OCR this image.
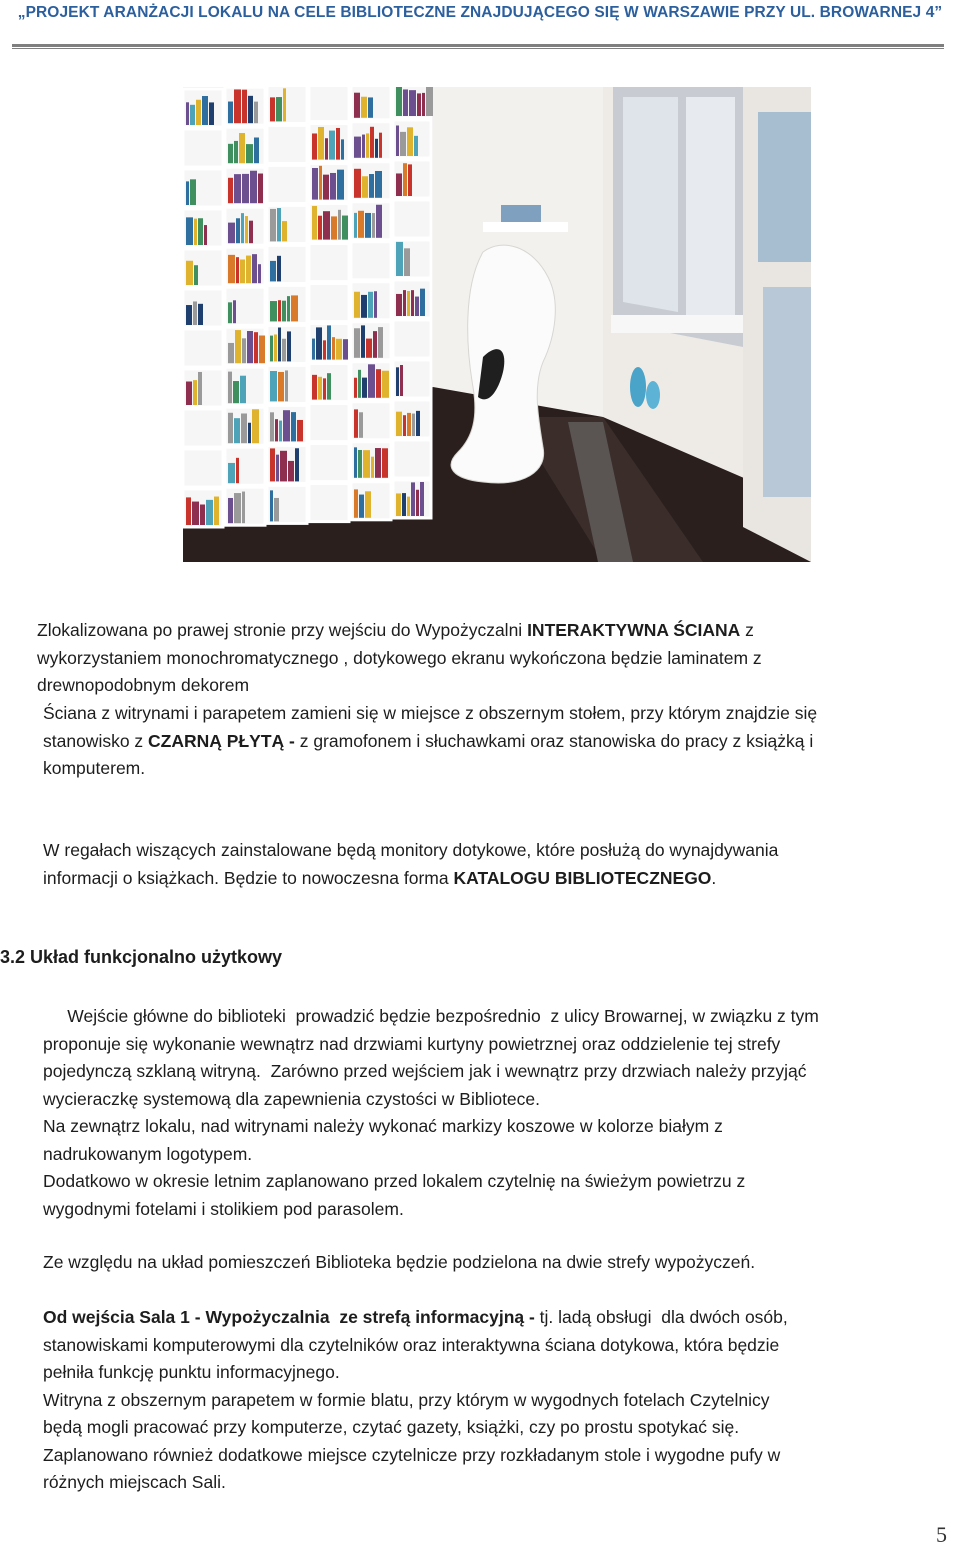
„PROJEKT ARANŻACJI LOKALU NA CELE BIBLIOTECZNE ZNAJDUJĄCEGO SIĘ W WARSZAWIE PRZY UL. BROWARNEJ 4”
Zlokalizowana po prawej stronie przy wejściu do Wypożyczalni INTERAKTYWNA ŚCIANA z
wykorzystaniem monochromatycznego , dotykowego ekranu wykończona będzie laminatem z
drewnopodobnym dekorem
Ściana z witrynami i parapetem zamieni się w miejsce z obszernym stołem, przy którym znajdzie się
stanowisko z CZARNĄ PŁYTĄ - z gramofonem i słuchawkami oraz stanowiska do pracy z książką i
komputerem.
W regałach wiszących zainstalowane będą monitory dotykowe, które posłużą do wynajdywania
informacji o książkach. Będzie to nowoczesna forma KATALOGU BIBLIOTECZNEGO.
3.2 Układ funkcjonalno użytkowy
Wejście główne do biblioteki  prowadzić będzie bezpośrednio  z ulicy Browarnej, w związku z tym
proponuje się wykonanie wewnątrz nad drzwiami kurtyny powietrznej oraz oddzielenie tej strefy
pojedynczą szklaną witryną.  Zarówno przed wejściem jak i wewnątrz przy drzwiach należy przyjąć
wycieraczkę systemową dla zapewnienia czystości w Bibliotece.
Na zewnątrz lokalu, nad witrynami należy wykonać markizy koszowe w kolorze białym z
nadrukowanym logotypem.
Dodatkowo w okresie letnim zaplanowano przed lokalem czytelnię na świeżym powietrzu z
wygodnymi fotelami i stolikiem pod parasolem.
Ze względu na układ pomieszczeń Biblioteka będzie podzielona na dwie strefy wypożyczeń.
Od wejścia Sala 1 - Wypożyczalnia  ze strefą informacyjną - tj. ladą obsługi  dla dwóch osób,
stanowiskami komputerowymi dla czytelników oraz interaktywna ściana dotykowa, która będzie
pełniła funkcję punktu informacyjnego.
Witryna z obszernym parapetem w formie blatu, przy którym w wygodnych fotelach Czytelnicy
będą mogli pracować przy komputerze, czytać gazety, książki, czy po prostu spotykać się.
Zaplanowano również dodatkowe miejsce czytelnicze przy rozkładanym stole i wygodne pufy w
różnych miejscach Sali.
5
